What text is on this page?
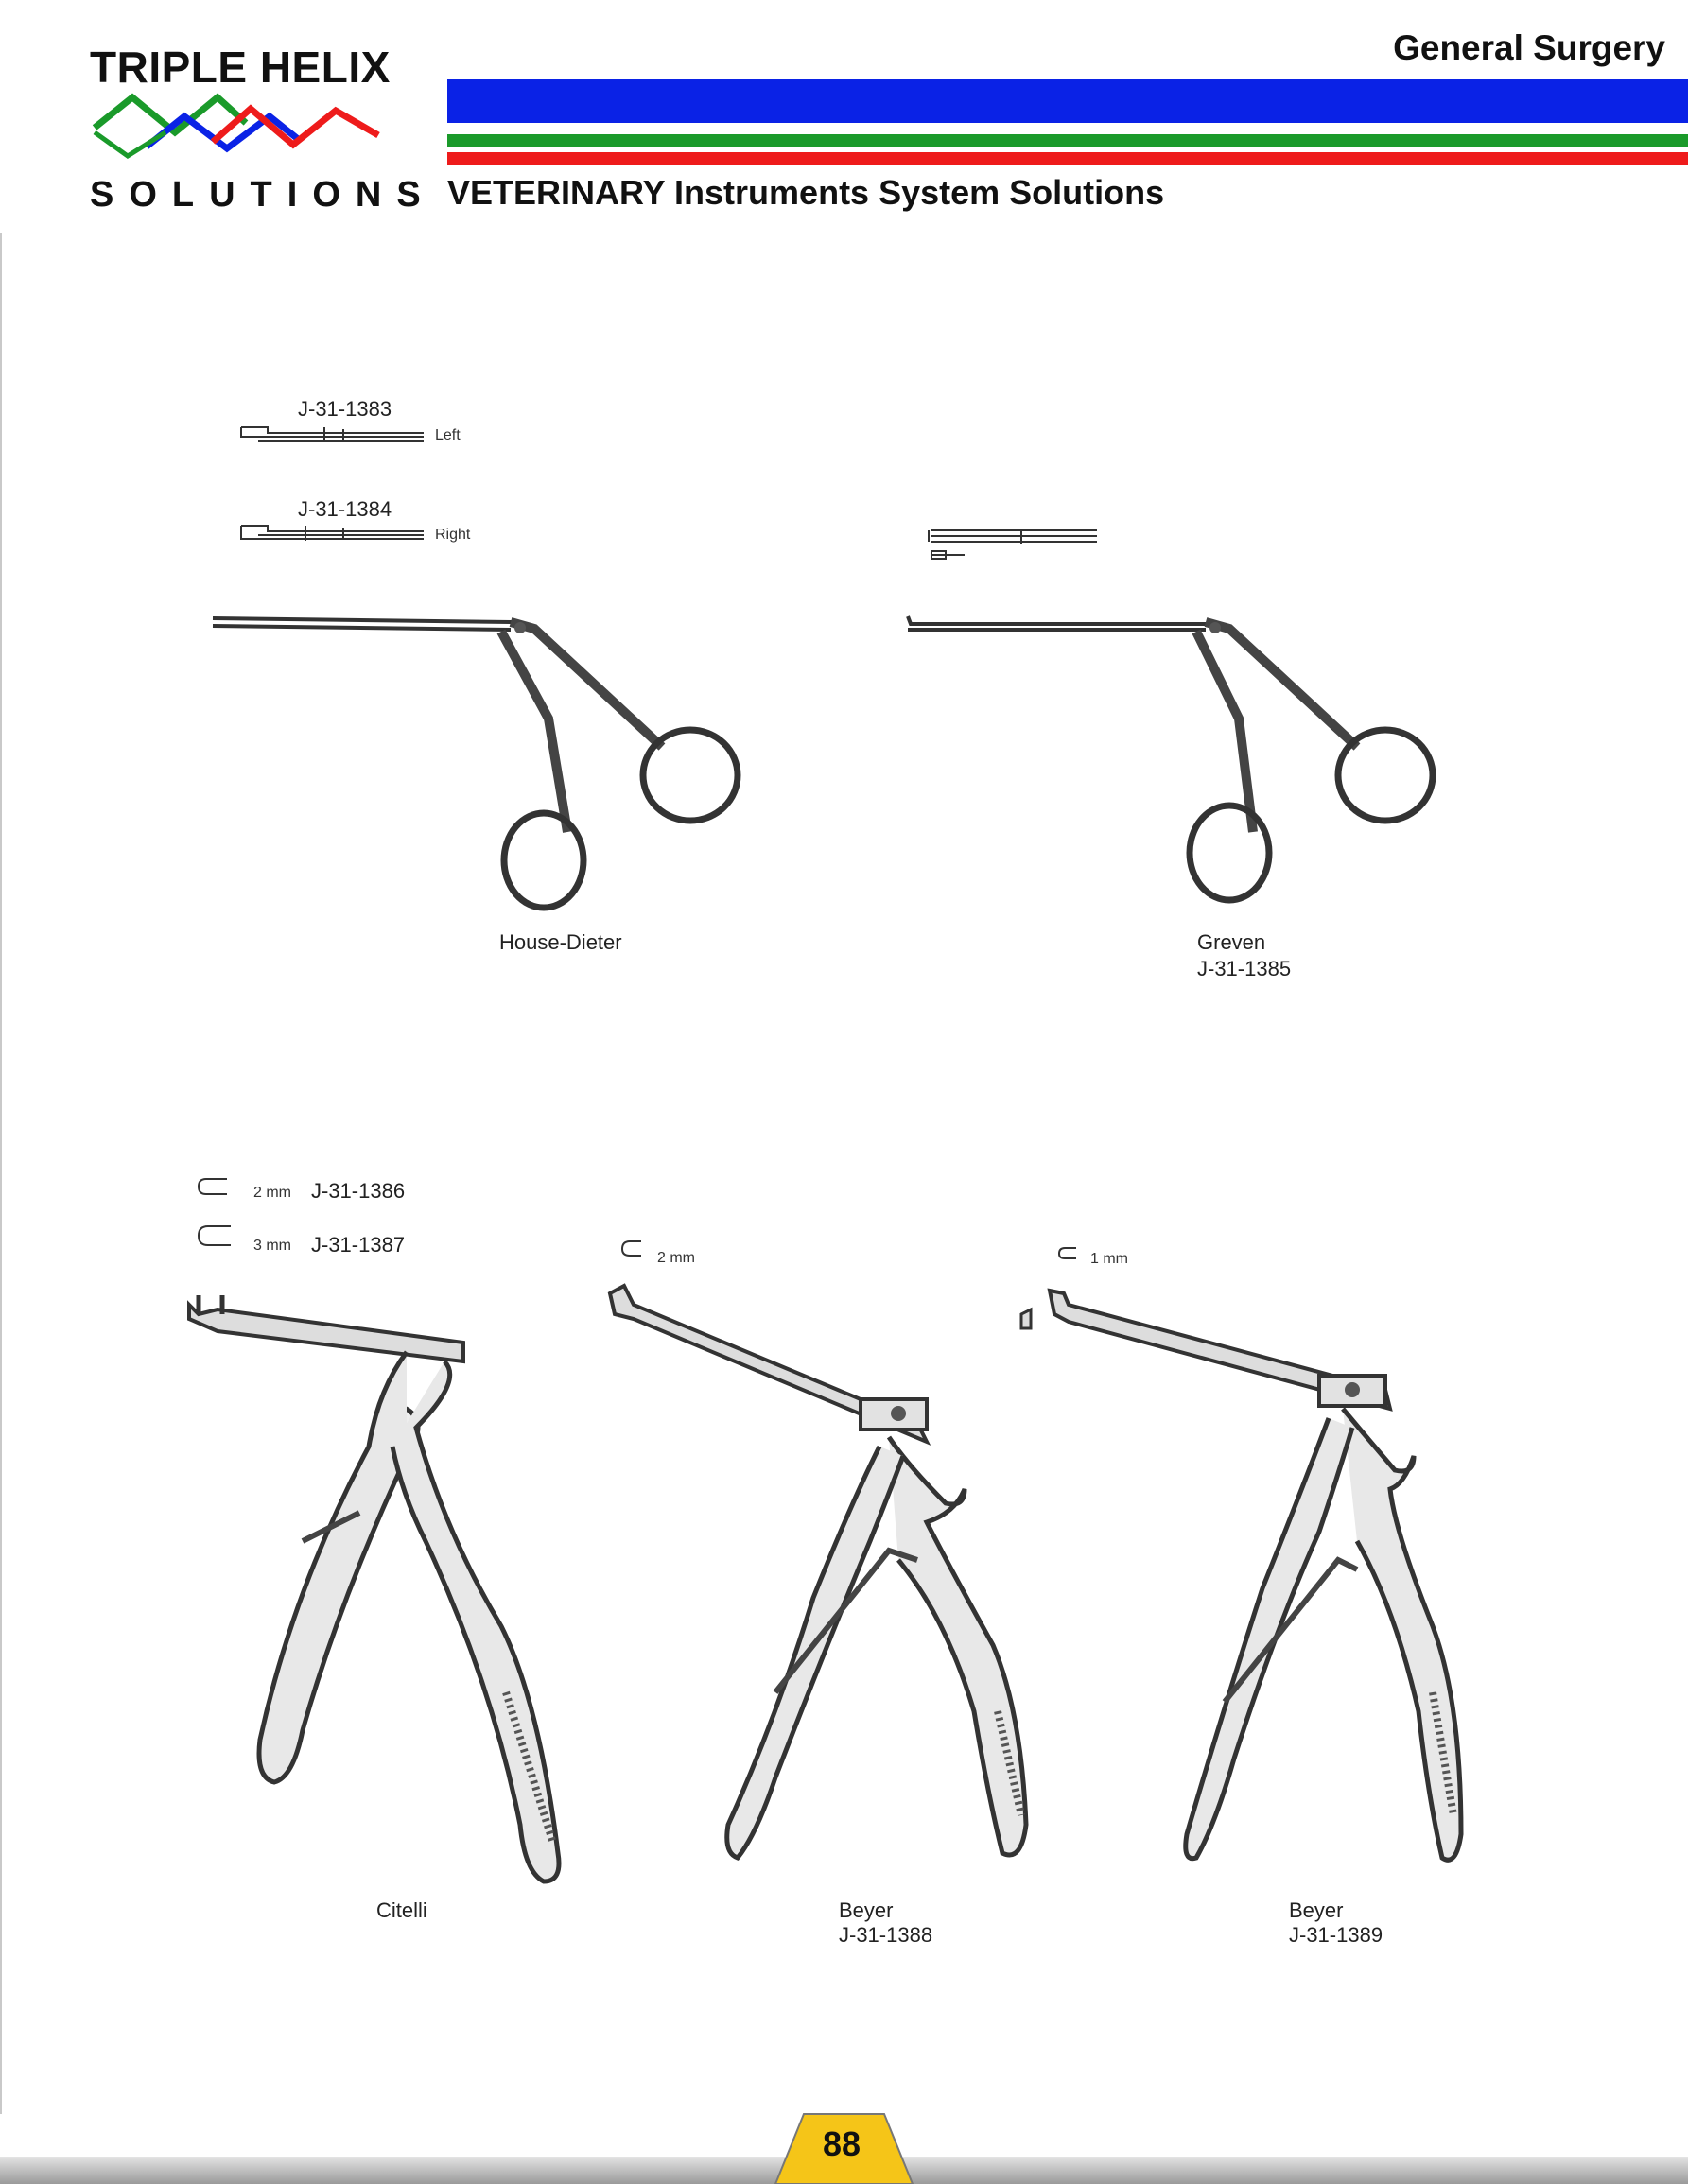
TRIPLE HELIX
SOLUTIONS
General Surgery
VETERINARY Instruments System Solutions
J-31-1383
Left
J-31-1384
Right
House-Dieter	Greven
J-31-1385
2 mm J-31-1386
3 mm J-31-1387
Citelli
2 mm
Beyer
J-31-1388
1 mm
Beyer
J-31-1389
88
